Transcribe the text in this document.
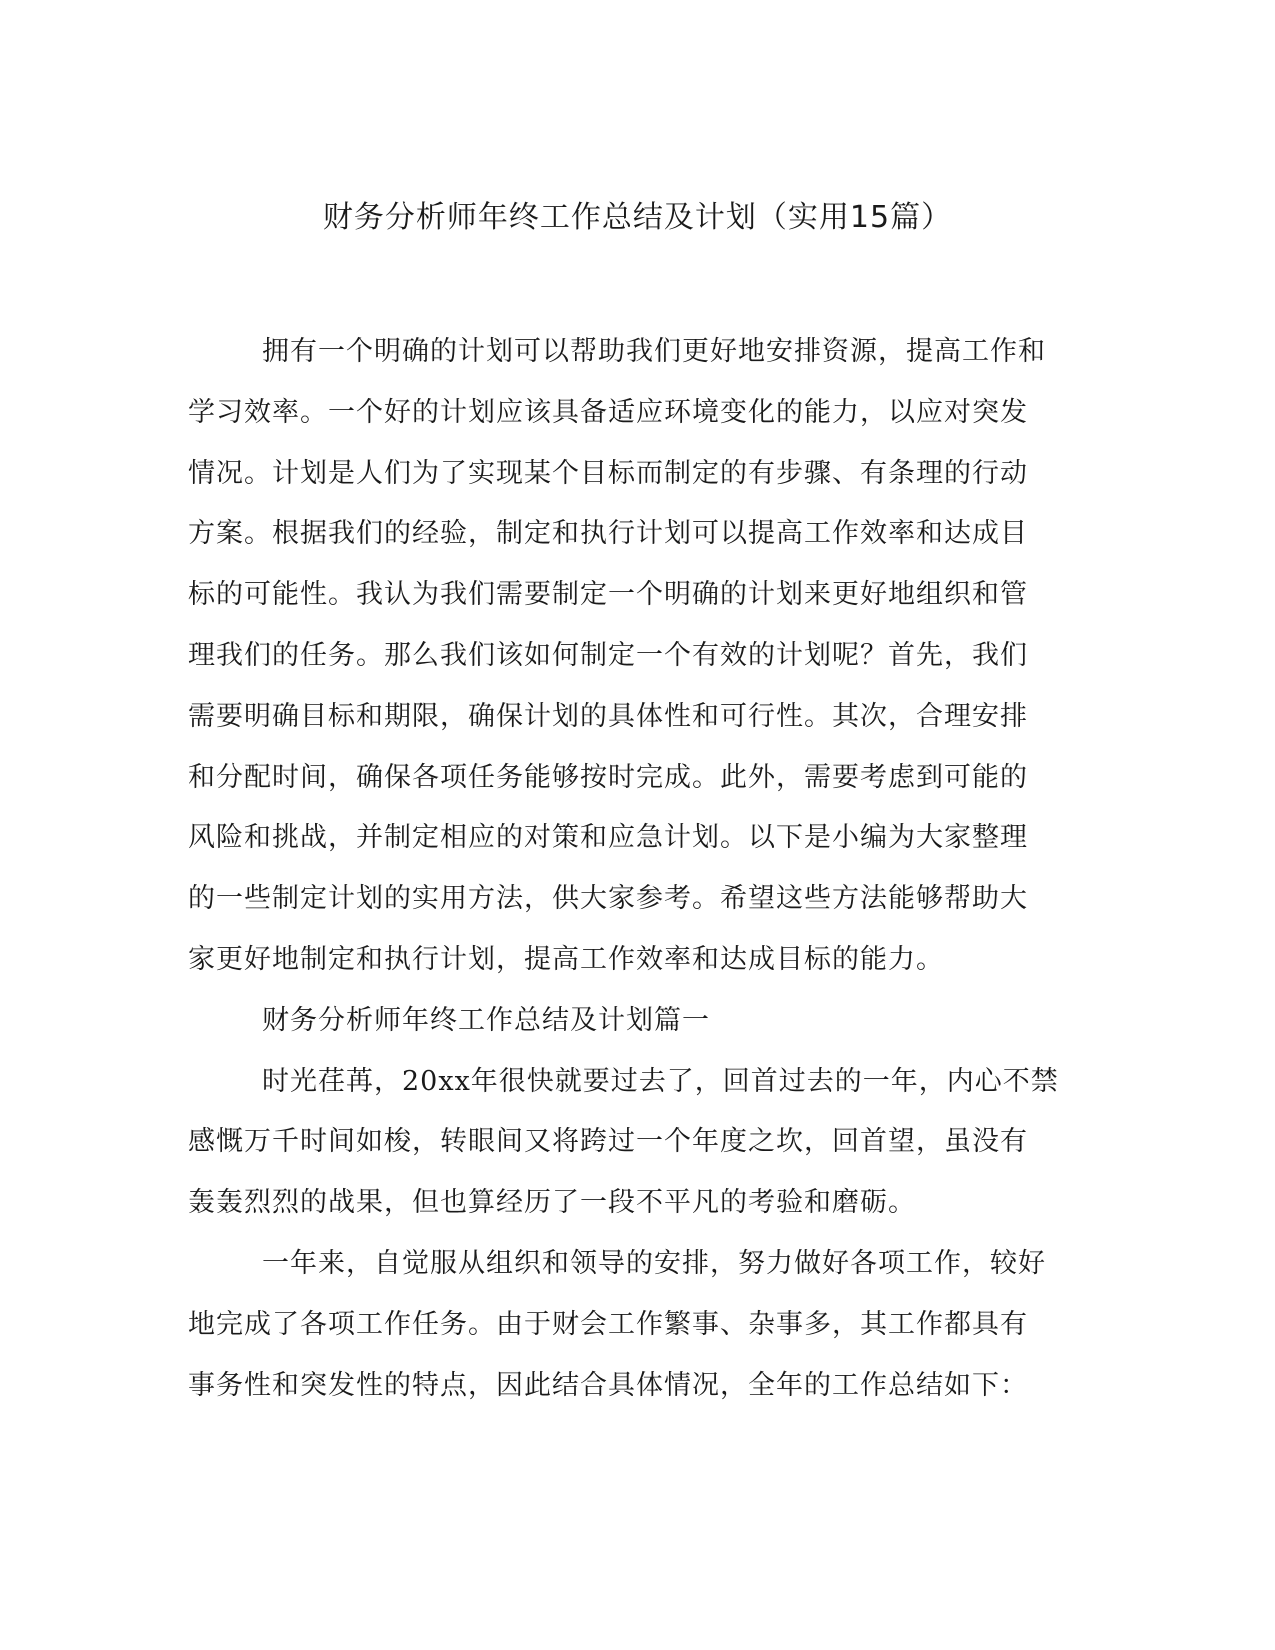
财务分析师年终工作总结及计划（实用15篇）
拥有一个明确的计划可以帮助我们更好地安排资源，提高工作和
学习效率。一个好的计划应该具备适应环境变化的能力，以应对突发
情况。计划是人们为了实现某个目标而制定的有步骤、有条理的行动
方案。根据我们的经验，制定和执行计划可以提高工作效率和达成目
标的可能性。我认为我们需要制定一个明确的计划来更好地组织和管
理我们的任务。那么我们该如何制定一个有效的计划呢？首先，我们
需要明确目标和期限，确保计划的具体性和可行性。其次，合理安排
和分配时间，确保各项任务能够按时完成。此外，需要考虑到可能的
风险和挑战，并制定相应的对策和应急计划。以下是小编为大家整理
的一些制定计划的实用方法，供大家参考。希望这些方法能够帮助大
家更好地制定和执行计划，提高工作效率和达成目标的能力。
财务分析师年终工作总结及计划篇一
时光荏苒，20xx年很快就要过去了，回首过去的一年，内心不禁
感慨万千时间如梭，转眼间又将跨过一个年度之坎，回首望，虽没有
轰轰烈烈的战果，但也算经历了一段不平凡的考验和磨砺。
一年来，自觉服从组织和领导的安排，努力做好各项工作，较好
地完成了各项工作任务。由于财会工作繁事、杂事多，其工作都具有
事务性和突发性的特点，因此结合具体情况，全年的工作总结如下：
